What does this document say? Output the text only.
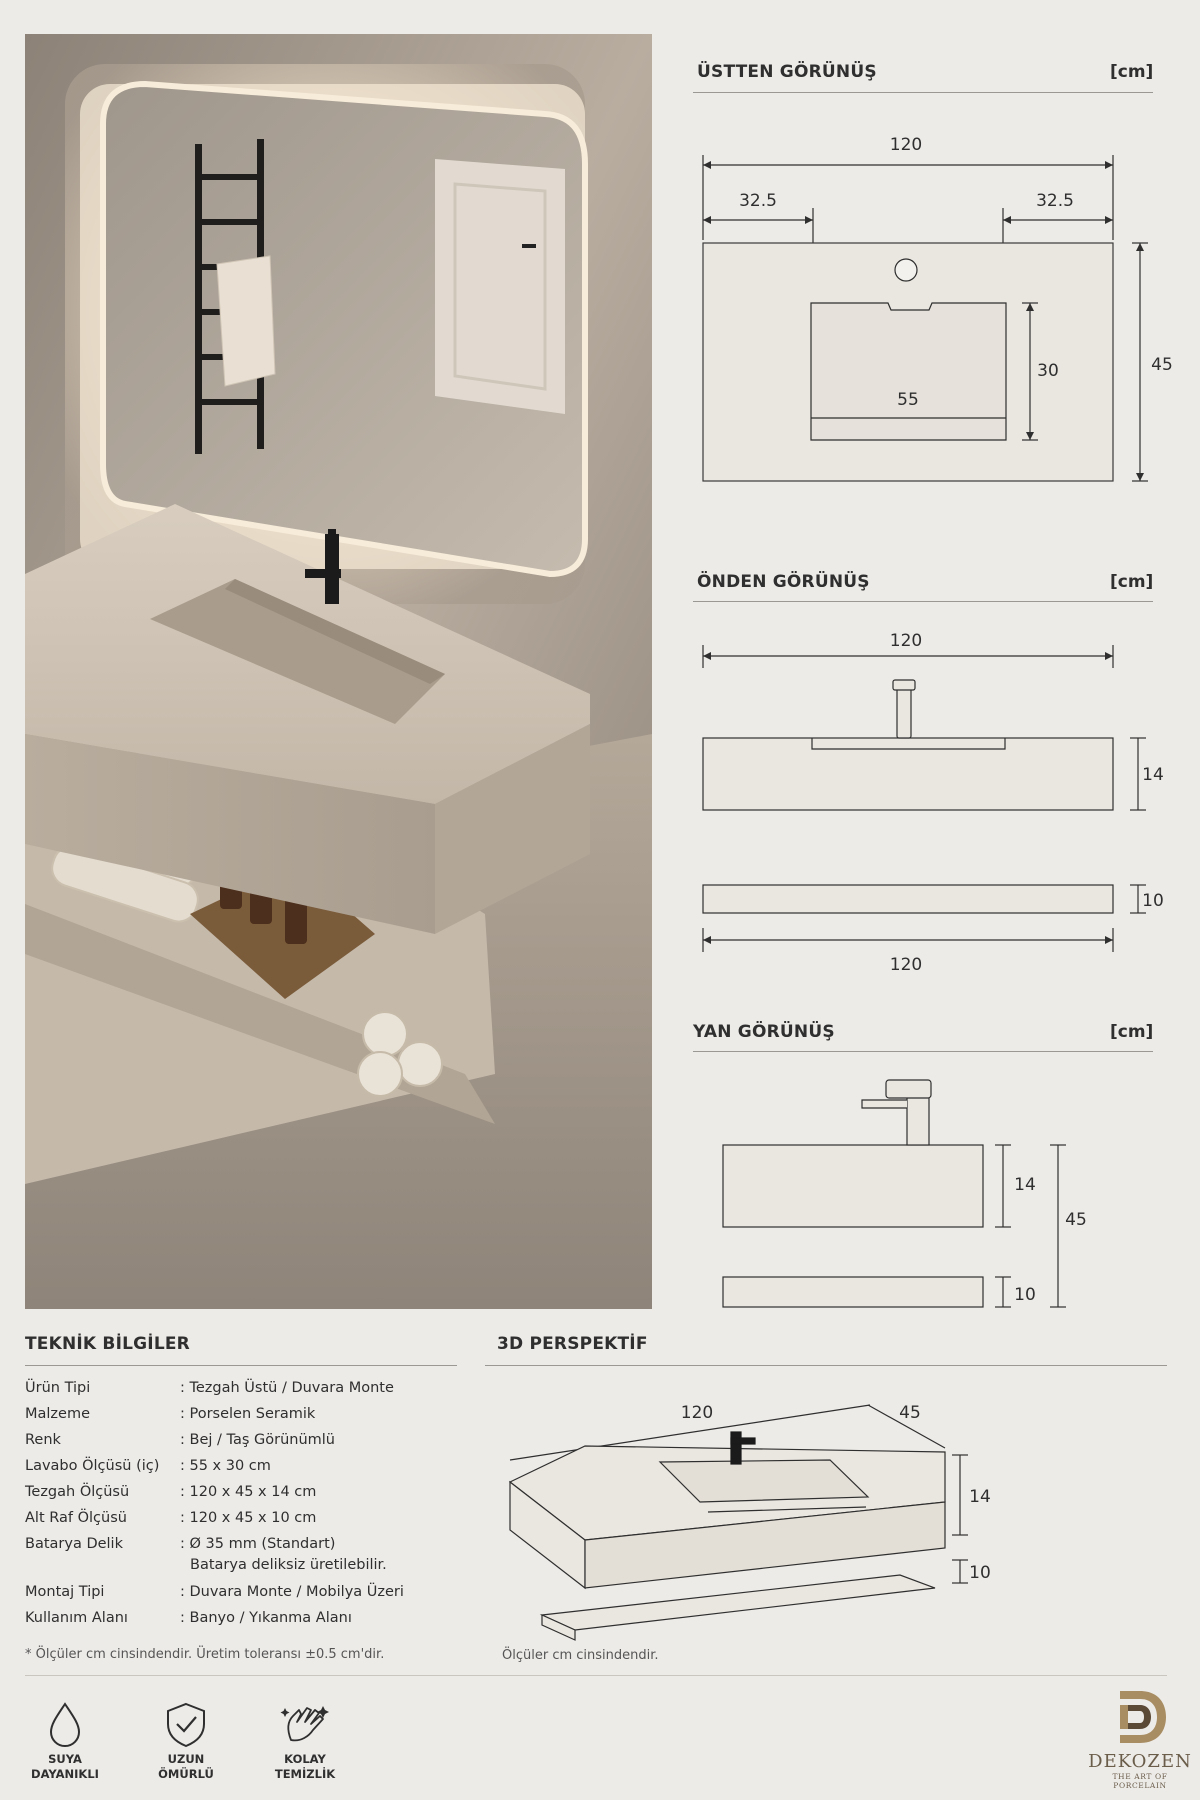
ÜSTTEN GÖRÜNÜŞ	[cm]
120
32.5	32.5
30
55
45
120
14
10
120
14
10
45
120	45
14
10
ÖNDEN GÖRÜNÜŞ	[cm]
YAN GÖRÜNÜŞ	[cm]
TEKNİK BİLGİLER
Ürün Tipi	: Tezgah Üstü / Duvara Monte
Malzeme	: Porselen Seramik
Renk	: Bej / Taş Görünümlü
Lavabo Ölçüsü (iç) : 55 x 30 cm
Tezgah Ölçüsü	: 120 x 45 x 14 cm
Alt Raf Ölçüsü	: 120 x 45 x 10 cm
Batarya Delik	: Ø 35 mm (Standart)
Batarya deliksiz üretilebilir.
Montaj Tipi	: Duvara Monte / Mobilya Üzeri
Kullanım Alanı	: Banyo / Yıkanma Alanı
* Ölçüler cm cinsindendir. Üretim toleransı ±0.5 cm'dir.
3D PERSPEKTİF
Ölçüler cm cinsindendir.
SUYA
DAYANIKLI
UZUN
ÖMÜRLÜ
KOLAY
TEMİZLİK
DEKOZEN
THE ART OF PORCELAIN
